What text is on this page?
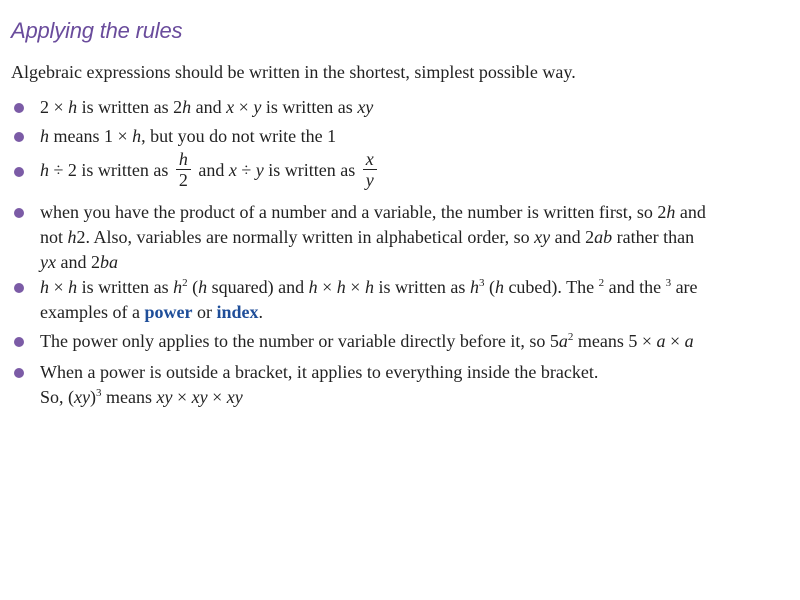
Applying the rules
Algebraic expressions should be written in the shortest, simplest possible way.
2 × h is written as 2h and x × y is written as xy
h means 1 × h, but you do not write the 1
h ÷ 2 is written as $\frac{h}{2}$ and x ÷ y is written as $\frac{x}{y}$
when you have the product of a number and a variable, the number is written first, so 2h and
not h2. Also, variables are normally written in alphabetical order, so xy and 2ab rather than
yx and 2ba
h × h is written as $h^2$ (h squared) and h × h × h is written as $h^3$ (h cubed). The $^2$ and the $^3$ are
examples of a power or index.
The power only applies to the number or variable directly before it, so $5a^2$ means 5 × a × a
When a power is outside a bracket, it applies to everything inside the bracket.
So, (xy)$^3$ means xy × xy × xy
